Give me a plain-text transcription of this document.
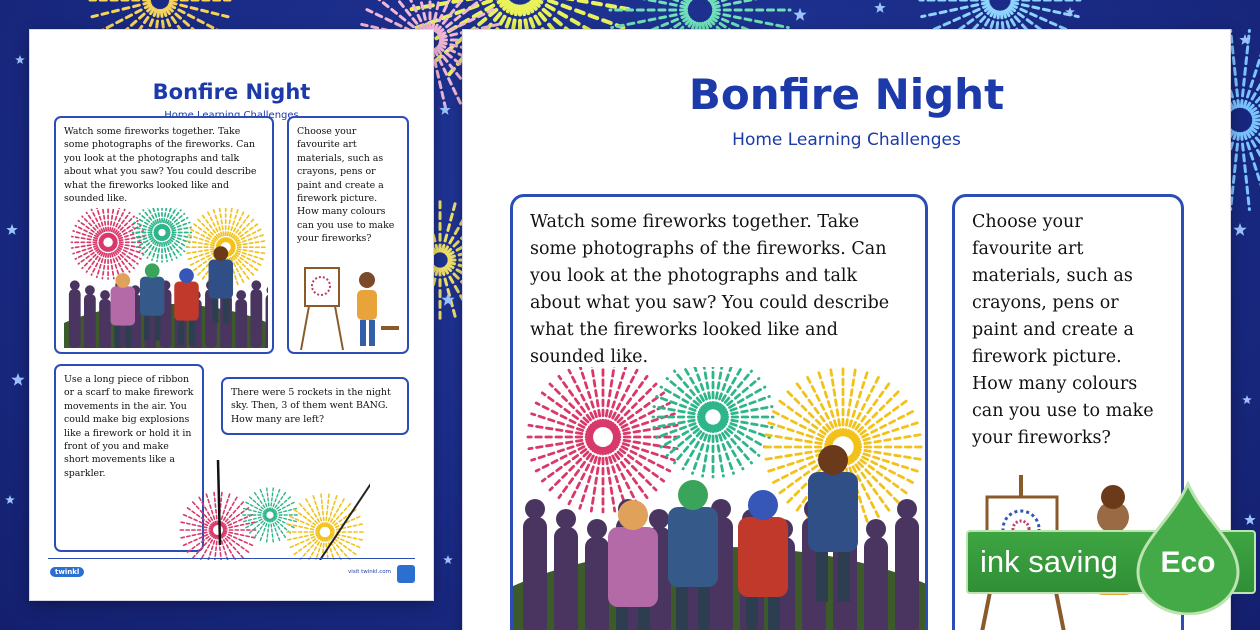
Bonfire Night
Challenges
Watch some fireworks together. Take some photographs of the fireworks. Can you look at the photographs and talk about what you saw? You could describe what the fireworks looked like and sounded like.
Choose your favourite art materials, such as crayons, pens or paint and create a firework picture. How many colours can you use to make your fireworks?
Use a long piece of ribbon or a scarf to make firework movements in the air. You could make big explosions like a firework or hold it in front of you and make short movements like a sparkler.
There were 5 rockets in the night sky. Then, 3 of them went BANG. How many are left?
twinkl	visit twinkl.com
Bonfire Night
Home Learning Challenges
Watch some fireworks together. Take some photographs of the fireworks. Can you look at the photographs and talk about what you saw? You could describe what the fireworks looked like and sounded like.
Choose your favourite art materials, such as crayons, pens or paint and create a firework picture. How many colours can you use to make your fireworks?
ink saving	Eco
